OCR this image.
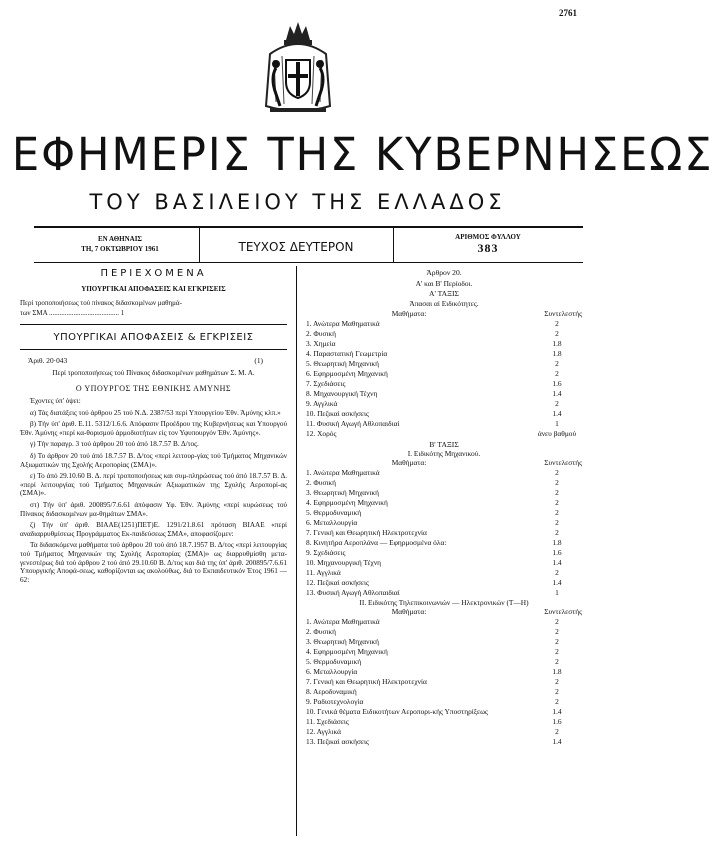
2761
ΕΦΗΜΕΡΙΣ ΤΗΣ ΚΥΒΕΡΝΗΣΕΩΣ
ΤΟΥ ΒΑΣΙΛΕΙΟΥ ΤΗΣ ΕΛΛΑΔΟΣ
ΕΝ ΑΘΗΝΑΙΣ
ΤΗ, 7 ΟΚΤΩΒΡΙΟΥ 1961	ΤΕΥΧΟΣ ΔΕΥΤΕΡΟΝ
ΑΡΙΘΜΟΣ ΦΥΛΛΟΥ
383
ΠΕΡΙΕΧΟΜΕΝΑ
ΥΠΟΥΡΓΙΚΑΙ ΑΠΟΦΑΣΕΙΣ ΚΑΙ ΕΓΚΡΙΣΕΙΣ
Περί τροποποιήσεως τού πίνακος διδασκομένων μαθημά-
των ΣΜΑ ........................................ 1
ΥΠΟΥΡΓΙΚΑΙ ΑΠΟΦΑΣΕΙΣ & ΕΓΚΡΙΣΕΙΣ
Άριθ. 20·043	(1)
Περί τροποποιήσεως τού Πίνακος διδασκομένων μαθημάτων Σ. Μ. Α.
Ο ΥΠΟΥΡΓΟΣ ΤΗΣ ΕΘΝΙΚΗΣ ΑΜΥΝΗΣ
Έχοντες ύπ' όψει:
α) Τάς διατάξεις τού άρθρου 25 τού Ν.Δ. 2387/53 περί Υπουργείου Έθν. Άμύνης κλπ.»
β) Τήν ύπ' άριθ. Ε.11. 5312/1.6.6. Απόφασιν Προέδρου της Κυβερνήσεως και Υπουργού Έθν. Άμύνης «περί κα-θορισμού άρμοδιοτήτων είς τον Υφυπουργόν Έθν. Άμύνης».
γ) Τήν παραγρ. 3 τού άρθρου 20 τού άπό 18.7.57 Β. Δ/τος.
δ) Το άρθρον 20 τού άπό 18.7.57 Β. Δ/τος «περί λειτουρ-γίας τού Τμήματος Μηχανικών Αξιωματικών της Σχολής Αεροπορίας (ΣΜΑ)».
ε) Το άπό 29.10.60 Β. Δ. περί τροποποιήσεως και συμ-πληρώσεως τού άπό 18.7.57 Β. Δ. «περί λειτουργίας τού Τμήματος Μηχανικών Αξιωματικών της Σχολής Αεροπορί-ας (ΣΜΑ)».
στ) Τήν ύπ' άριθ. 200895/7.6.61 άπόφασιν Υφ. Έθν. Άμύνης «περί κυρώσεως τού Πίνακος διδασκομένων μα-θημάτων ΣΜΑ».
ζ) Τήν ύπ' άριθ. ΒΙΑΑΕ(1251)ΠΕΤ)Ε. 1291/21.8.61 πρόταση ΒΙΑΑΕ «περί αναδιαρρυθμίσεως Προγράμματος Εκ-παιδεύσεως ΣΜΑ», αποφασίζομεν:
Τα διδασκόμενα μαθήματα τού άρθρου 20 τού άπό 18.7.1957 Β. Δ/τος «περί λειτουργίας τού Τμήματος Μηχανικών της Σχολής Αεροπορίας (ΣΜΑ)» ως διαρρυθμίσθη μετα-γενεστέρως διά τού άρθρου 2 τού άπό 29.10.60 Β. Δ/τος και διά της ύπ' άριθ. 200895/7.6.61 Υπουργικής Αποφά-σεως, καθορίζονται ως ακολούθως, διά το Εκπαιδευτικόν Έτος 1961 — 62:
Άρθρον 20.
Α' και Β' Περίοδοι.
Α' ΤΑΞΙΣ
Άπασαι αί Ειδικότητες.
Μαθήματα:	Συντελεστής
1. Ανώτερα Μαθηματικά	2
2. Φυσική	2
3. Χημεία	1.8
4. Παραστατική Γεωμετρία	1.8
5. Θεωρητική Μηχανική	2
6. Εφηρμοσμένη Μηχανική	2
7. Σχεδιάσεις	1.6
8. Μηχανουργική Τέχνη	1.4
9. Αγγλικά	2
10. Πεζικαί ασκήσεις	1.4
11. Φυσική Αγωγή Αθλοπαιδιαί	1
12. Χορός	άνευ βαθμού
Β' ΤΑΞΙΣ
Ι. Ειδικότης Μηχανικού.
Μαθήματα:	Συντελεστής
1. Ανώτερα Μαθηματικά	2
2. Φυσική	2
3. Θεωρητική Μηχανική	2
4. Εφηρμοσμένη Μηχανική	2
5. Θερμοδυναμική	2
6. Μεταλλουργία	2
7. Γενική και Θεωρητική Ηλεκτροτεχνία	2
8. Κινητήρα Αεροπλάνα — Εφηρμοσμένα όλα:	1.8
9. Σχεδιάσεις	1.6
10. Μηχανουργική Τέχνη	1.4
11. Αγγλικά	2
12. Πεζικαί ασκήσεις	1.4
13. Φυσική Αγωγή Αθλοπαιδιαί	1
ΙΙ. Ειδικότης Τηλεπικοινωνιών — Ηλεκτρονικών (Τ—Η)
Μαθήματα:	Συντελεστής
1. Ανώτερα Μαθηματικά	2
2. Φυσική	2
3. Θεωρητική Μηχανική	2
4. Εφηρμοσμένη Μηχανική	2
5. Θερμοδυναμική	2
6. Μεταλλουργία	1.8
7. Γενική και Θεωρητική Ηλεκτροτεχνία	2
8. Αεροδυναμική	2
9. Ραδιοτεχνολογία	2
10. Γενικά θέματα Ειδικοτήτων Αεροπορι-κής Υποστηρίξεως	1.4
11. Σχεδιάσεις	1.6
12. Αγγλικά	2
13. Πεζικαί ασκήσεις	1.4
